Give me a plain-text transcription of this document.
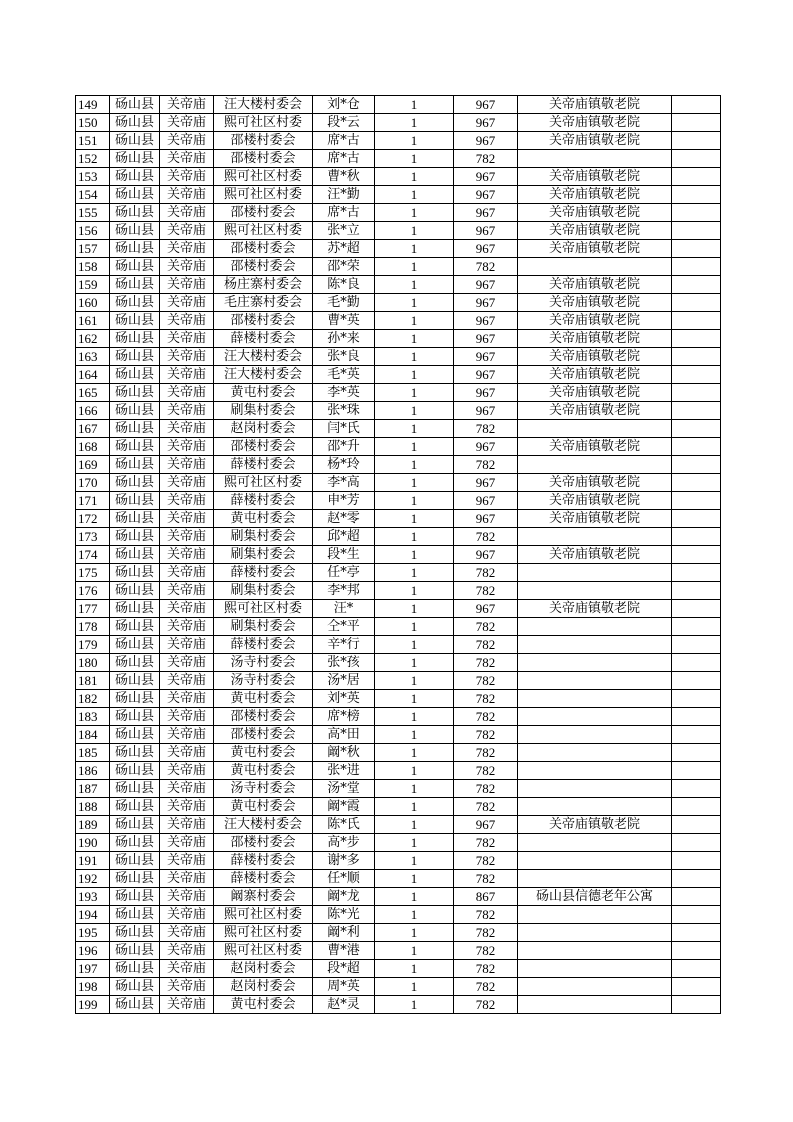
149	砀山县	关帝庙	汪大楼村委会	刘*仓	1	967	关帝庙镇敬老院	
150	砀山县	关帝庙	熙可社区村委	段*云	1	967	关帝庙镇敬老院	
151	砀山县	关帝庙	邵楼村委会	席*古	1	967	关帝庙镇敬老院	
152	砀山县	关帝庙	邵楼村委会	席*古	1	782		
153	砀山县	关帝庙	熙可社区村委	曹*秋	1	967	关帝庙镇敬老院	
154	砀山县	关帝庙	熙可社区村委	汪*勤	1	967	关帝庙镇敬老院	
155	砀山县	关帝庙	邵楼村委会	席*古	1	967	关帝庙镇敬老院	
156	砀山县	关帝庙	熙可社区村委	张*立	1	967	关帝庙镇敬老院	
157	砀山县	关帝庙	邵楼村委会	苏*超	1	967	关帝庙镇敬老院	
158	砀山县	关帝庙	邵楼村委会	邵*荣	1	782		
159	砀山县	关帝庙	杨庄寨村委会	陈*良	1	967	关帝庙镇敬老院	
160	砀山县	关帝庙	毛庄寨村委会	毛*勤	1	967	关帝庙镇敬老院	
161	砀山县	关帝庙	邵楼村委会	曹*英	1	967	关帝庙镇敬老院	
162	砀山县	关帝庙	薛楼村委会	孙*来	1	967	关帝庙镇敬老院	
163	砀山县	关帝庙	汪大楼村委会	张*良	1	967	关帝庙镇敬老院	
164	砀山县	关帝庙	汪大楼村委会	毛*英	1	967	关帝庙镇敬老院	
165	砀山县	关帝庙	黄屯村委会	李*英	1	967	关帝庙镇敬老院	
166	砀山县	关帝庙	刷集村委会	张*珠	1	967	关帝庙镇敬老院	
167	砀山县	关帝庙	赵岗村委会	闫*氏	1	782		
168	砀山县	关帝庙	邵楼村委会	邵*升	1	967	关帝庙镇敬老院	
169	砀山县	关帝庙	薛楼村委会	杨*玲	1	782		
170	砀山县	关帝庙	熙可社区村委	李*高	1	967	关帝庙镇敬老院	
171	砀山县	关帝庙	薛楼村委会	申*芳	1	967	关帝庙镇敬老院	
172	砀山县	关帝庙	黄屯村委会	赵*零	1	967	关帝庙镇敬老院	
173	砀山县	关帝庙	刷集村委会	邱*超	1	782		
174	砀山县	关帝庙	刷集村委会	段*生	1	967	关帝庙镇敬老院	
175	砀山县	关帝庙	薛楼村委会	任*亭	1	782		
176	砀山县	关帝庙	刷集村委会	李*邦	1	782		
177	砀山县	关帝庙	熙可社区村委	汪*	1	967	关帝庙镇敬老院	
178	砀山县	关帝庙	刷集村委会	仝*平	1	782		
179	砀山县	关帝庙	薛楼村委会	辛*行	1	782		
180	砀山县	关帝庙	汤寺村委会	张*孩	1	782		
181	砀山县	关帝庙	汤寺村委会	汤*居	1	782		
182	砀山县	关帝庙	黄屯村委会	刘*英	1	782		
183	砀山县	关帝庙	邵楼村委会	席*榜	1	782		
184	砀山县	关帝庙	邵楼村委会	高*田	1	782		
185	砀山县	关帝庙	黄屯村委会	阚*秋	1	782		
186	砀山县	关帝庙	黄屯村委会	张*进	1	782		
187	砀山县	关帝庙	汤寺村委会	汤*堂	1	782		
188	砀山县	关帝庙	黄屯村委会	阚*霞	1	782		
189	砀山县	关帝庙	汪大楼村委会	陈*氏	1	967	关帝庙镇敬老院	
190	砀山县	关帝庙	邵楼村委会	高*步	1	782		
191	砀山县	关帝庙	薛楼村委会	谢*多	1	782		
192	砀山县	关帝庙	薛楼村委会	任*顺	1	782		
193	砀山县	关帝庙	阚寨村委会	阚*龙	1	867	砀山县信德老年公寓	
194	砀山县	关帝庙	熙可社区村委	陈*光	1	782		
195	砀山县	关帝庙	熙可社区村委	阚*利	1	782		
196	砀山县	关帝庙	熙可社区村委	曹*港	1	782		
197	砀山县	关帝庙	赵岗村委会	段*超	1	782		
198	砀山县	关帝庙	赵岗村委会	周*英	1	782		
199	砀山县	关帝庙	黄屯村委会	赵*灵	1	782		
